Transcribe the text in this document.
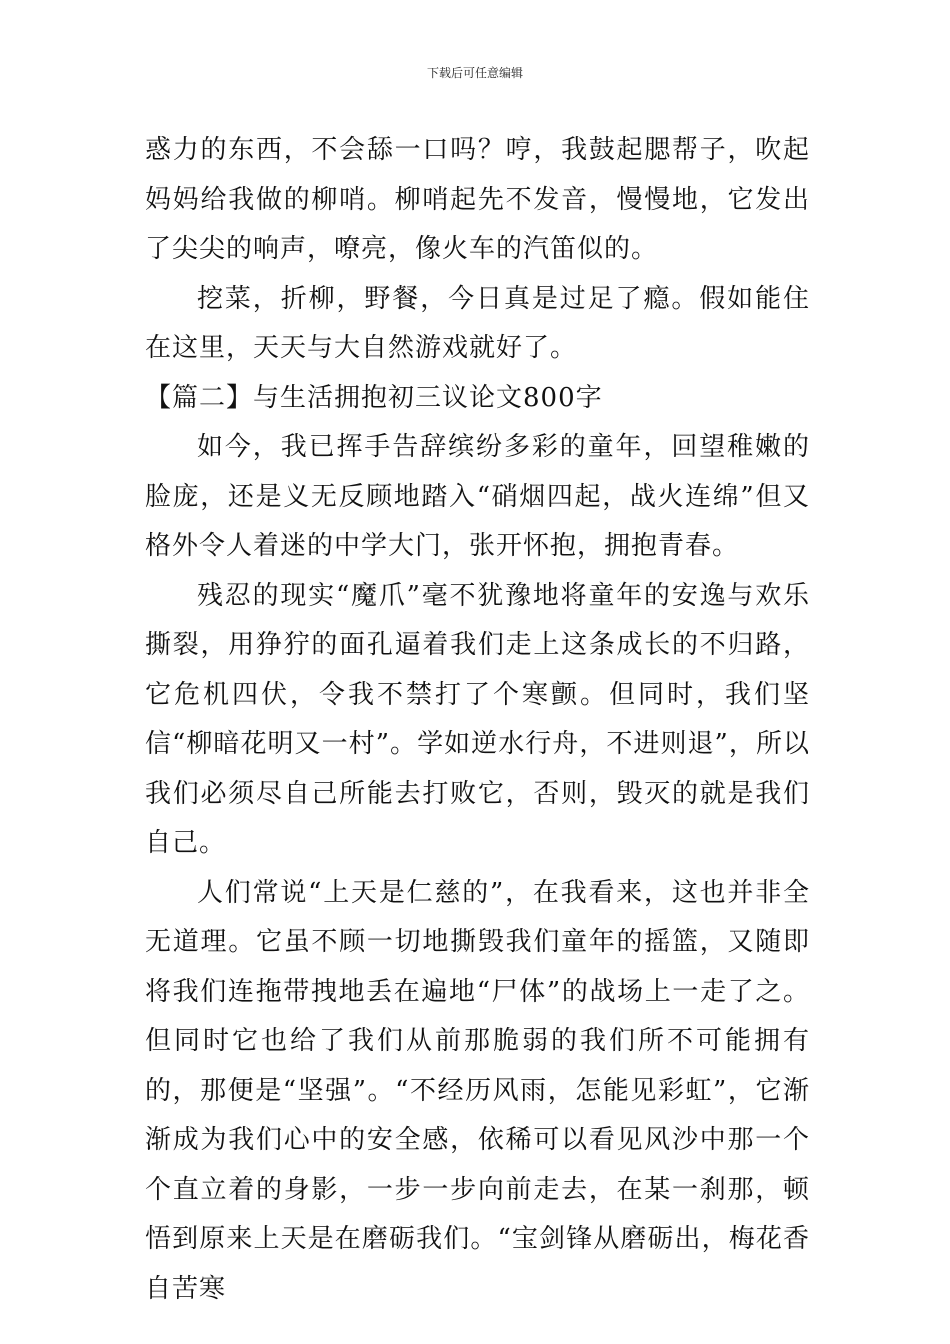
下载后可任意编辑

惑力的东西，不会舔一口吗？哼，我鼓起腮帮子，吹起妈妈给我做的柳哨。柳哨起先不发音，慢慢地，它发出了尖尖的响声，嘹亮，像火车的汽笛似的。

挖菜，折柳，野餐，今日真是过足了瘾。假如能住在这里，天天与大自然游戏就好了。

【篇二】与生活拥抱初三议论文800字

如今，我已挥手告辞缤纷多彩的童年，回望稚嫩的脸庞，还是义无反顾地踏入“硝烟四起，战火连绵”但又格外令人着迷的中学大门，张开怀抱，拥抱青春。

残忍的现实“魔爪”毫不犹豫地将童年的安逸与欢乐撕裂，用狰狞的面孔逼着我们走上这条成长的不归路，它危机四伏，令我不禁打了个寒颤。但同时，我们坚信“柳暗花明又一村”。学如逆水行舟，不进则退”，所以我们必须尽自己所能去打败它，否则，毁灭的就是我们自己。

人们常说“上天是仁慈的”，在我看来，这也并非全无道理。它虽不顾一切地撕毁我们童年的摇篮，又随即将我们连拖带拽地丢在遍地“尸体”的战场上一走了之。但同时它也给了我们从前那脆弱的我们所不可能拥有的，那便是“坚强”。“不经历风雨，怎能见彩虹”，它渐渐成为我们心中的安全感，依稀可以看见风沙中那一个个直立着的身影，一步一步向前走去，在某一刹那，顿悟到原来上天是在磨砺我们。“宝剑锋从磨砺出，梅花香自苦寒
